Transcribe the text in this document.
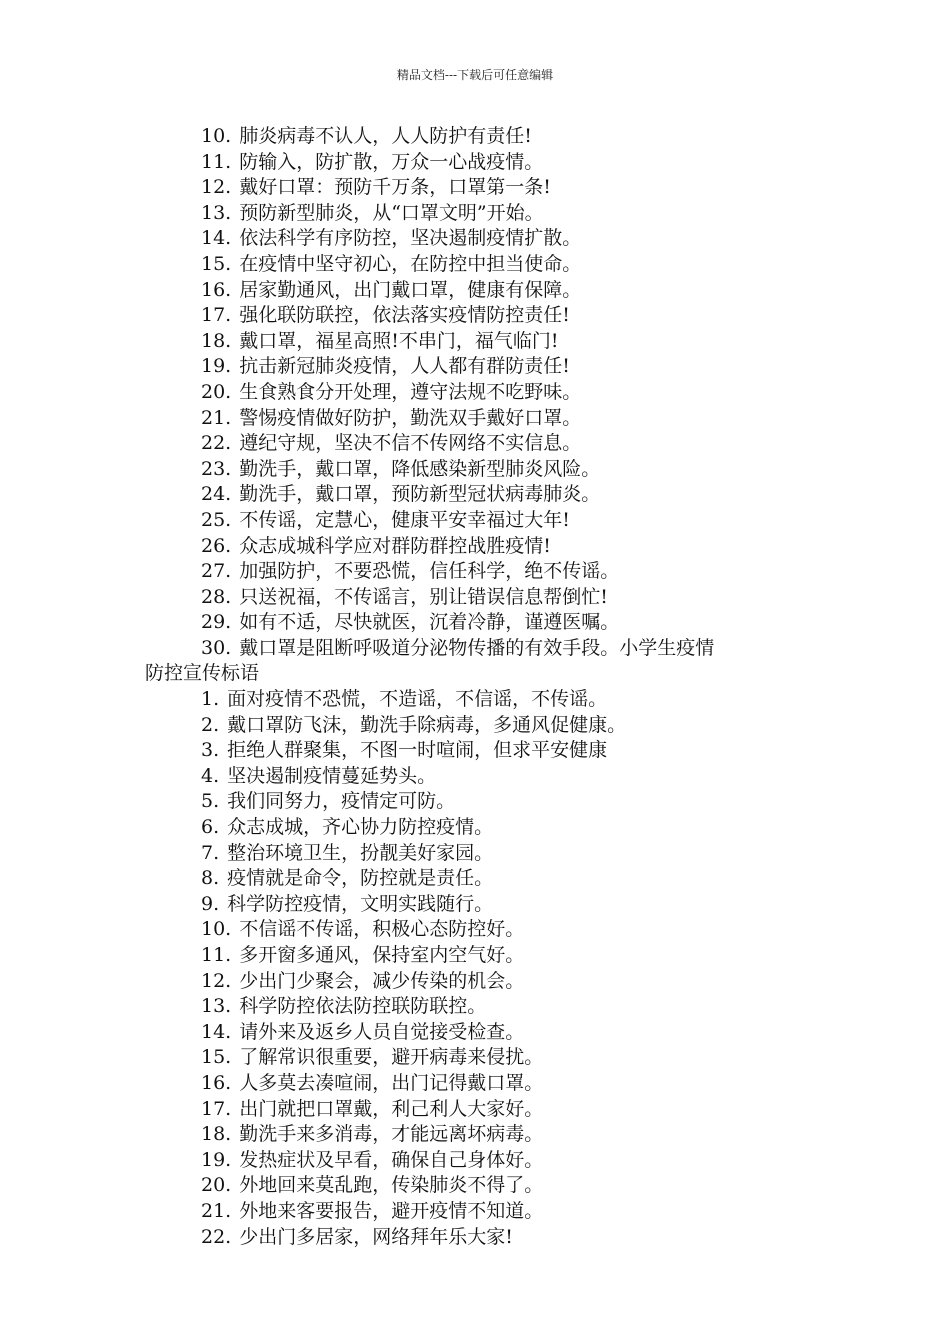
精品文档---下载后可任意编辑
10. 肺炎病毒不认人，人人防护有责任!
11. 防输入，防扩散，万众一心战疫情。
12. 戴好口罩：预防千万条，口罩第一条!
13. 预防新型肺炎，从“口罩文明”开始。
14. 依法科学有序防控，坚决遏制疫情扩散。
15. 在疫情中坚守初心，在防控中担当使命。
16. 居家勤通风，出门戴口罩，健康有保障。
17. 强化联防联控，依法落实疫情防控责任!
18. 戴口罩，福星高照!不串门，福气临门!
19. 抗击新冠肺炎疫情，人人都有群防责任!
20. 生食熟食分开处理，遵守法规不吃野味。
21. 警惕疫情做好防护，勤洗双手戴好口罩。
22. 遵纪守规，坚决不信不传网络不实信息。
23. 勤洗手，戴口罩，降低感染新型肺炎风险。
24. 勤洗手，戴口罩，预防新型冠状病毒肺炎。
25. 不传谣，定慧心，健康平安幸福过大年!
26. 众志成城科学应对群防群控战胜疫情!
27. 加强防护，不要恐慌，信任科学，绝不传谣。
28. 只送祝福，不传谣言，别让错误信息帮倒忙!
29. 如有不适，尽快就医，沉着冷静，谨遵医嘱。
30. 戴口罩是阻断呼吸道分泌物传播的有效手段。小学生疫情
防控宣传标语
1. 面对疫情不恐慌，不造谣，不信谣，不传谣。
2. 戴口罩防飞沫，勤洗手除病毒，多通风促健康。
3. 拒绝人群聚集，不图一时喧闹，但求平安健康
4. 坚决遏制疫情蔓延势头。
5. 我们同努力，疫情定可防。
6. 众志成城，齐心协力防控疫情。
7. 整治环境卫生，扮靓美好家园。
8. 疫情就是命令，防控就是责任。
9. 科学防控疫情，文明实践随行。
10. 不信谣不传谣，积极心态防控好。
11. 多开窗多通风，保持室内空气好。
12. 少出门少聚会，减少传染的机会。
13. 科学防控依法防控联防联控。
14. 请外来及返乡人员自觉接受检查。
15. 了解常识很重要，避开病毒来侵扰。
16. 人多莫去凑喧闹，出门记得戴口罩。
17. 出门就把口罩戴，利己利人大家好。
18. 勤洗手来多消毒，才能远离坏病毒。
19. 发热症状及早看，确保自己身体好。
20. 外地回来莫乱跑，传染肺炎不得了。
21. 外地来客要报告，避开疫情不知道。
22. 少出门多居家，网络拜年乐大家!
